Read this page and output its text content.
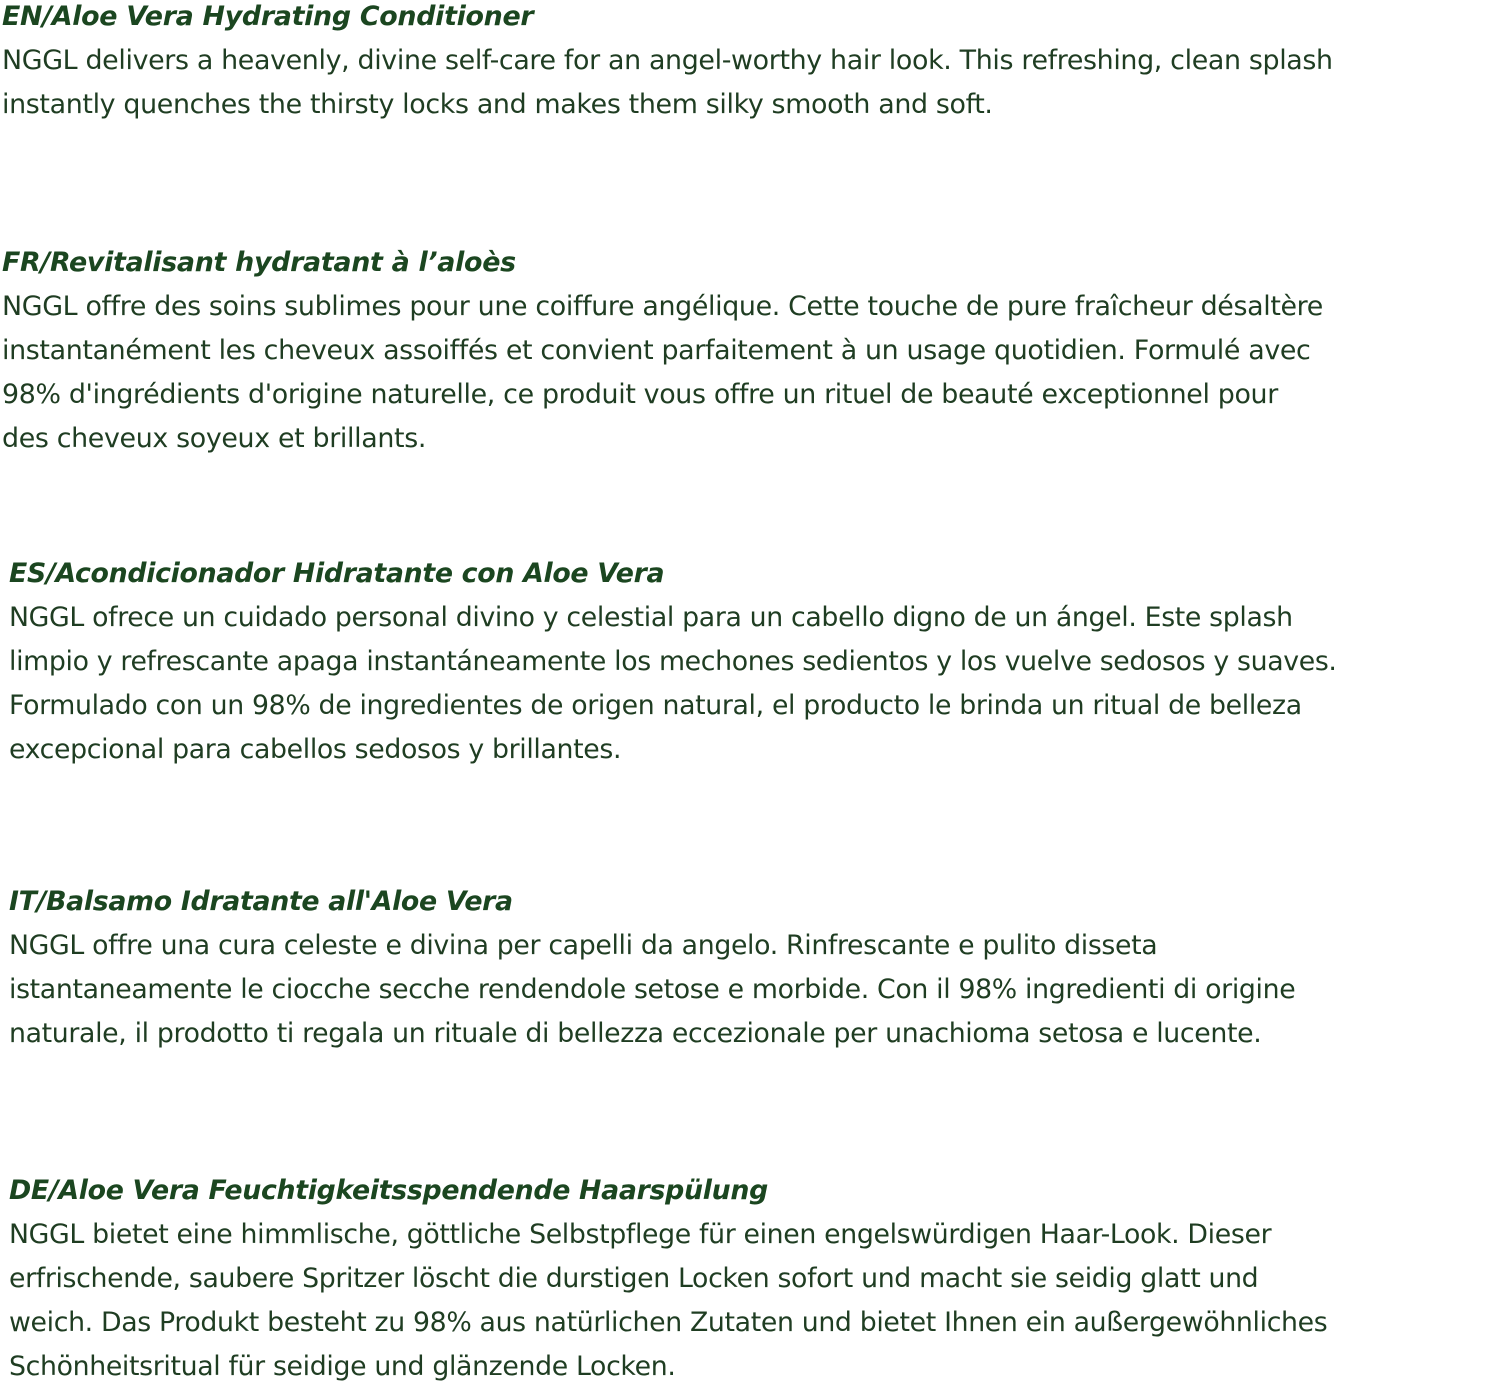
EN/Aloe Vera Hydrating Conditioner

NGGL delivers a heavenly, divine self-care for an angel-worthy hair look. This refreshing, clean splash
instantly quenches the thirsty locks and makes them silky smooth and soft.

FR/Revitalisant hydratant à l’aloès

NGGL offre des soins sublimes pour une coiffure angélique. Cette touche de pure fraîcheur désaltère
instantanément les cheveux assoiffés et convient parfaitement à un usage quotidien. Formulé avec
98% d'ingrédients d'origine naturelle, ce produit vous offre un rituel de beauté exceptionnel pour
des cheveux soyeux et brillants.

ES/Acondicionador Hidratante con Aloe Vera

NGGL ofrece un cuidado personal divino y celestial para un cabello digno de un ángel. Este splash
limpio y refrescante apaga instantáneamente los mechones sedientos y los vuelve sedosos y suaves.
Formulado con un 98% de ingredientes de origen natural, el producto le brinda un ritual de belleza
excepcional para cabellos sedosos y brillantes.

IT/Balsamo Idratante all'Aloe Vera

NGGL offre una cura celeste e divina per capelli da angelo. Rinfrescante e pulito disseta
istantaneamente le ciocche secche rendendole setose e morbide. Con il 98% ingredienti di origine
naturale, il prodotto ti regala un rituale di bellezza eccezionale per unachioma setosa e lucente.

DE/Aloe Vera Feuchtigkeitsspendende Haarspülung

NGGL bietet eine himmlische, göttliche Selbstpflege für einen engelswürdigen Haar-Look. Dieser
erfrischende, saubere Spritzer löscht die durstigen Locken sofort und macht sie seidig glatt und
weich. Das Produkt besteht zu 98% aus natürlichen Zutaten und bietet Ihnen ein außergewöhnliches
Schönheitsritual für seidige und glänzende Locken.
